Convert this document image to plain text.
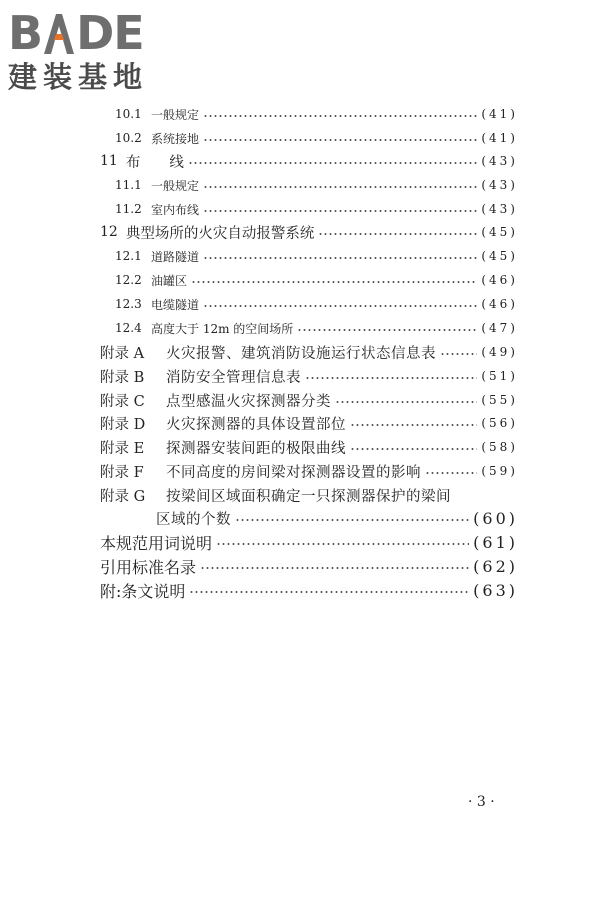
B DE
建装基地
10.1 一般规定	(41)
10.2 系统接地	(41)
11 布　　线	(43)
11.1 一般规定	(43)
11.2 室内布线	(43)
12 典型场所的火灾自动报警系统	(45)
12.1 道路隧道	(45)
12.2 油罐区	(46)
12.3 电缆隧道	(46)
12.4 高度大于 12m 的空间场所	(47)
附录 A	火灾报警、建筑消防设施运行状态信息表	(49)
附录 B	消防安全管理信息表	(51)
附录 C	点型感温火灾探测器分类	(55)
附录 D	火灾探测器的具体设置部位	(56)
附录 E	探测器安装间距的极限曲线	(58)
附录 F	不同高度的房间梁对探测器设置的影响	(59)
附录 G	按梁间区域面积确定一只探测器保护的梁间
区域的个数	(60)
本规范用词说明	(61)
引用标准名录	(62)
附:条文说明	(63)
· 3 ·
